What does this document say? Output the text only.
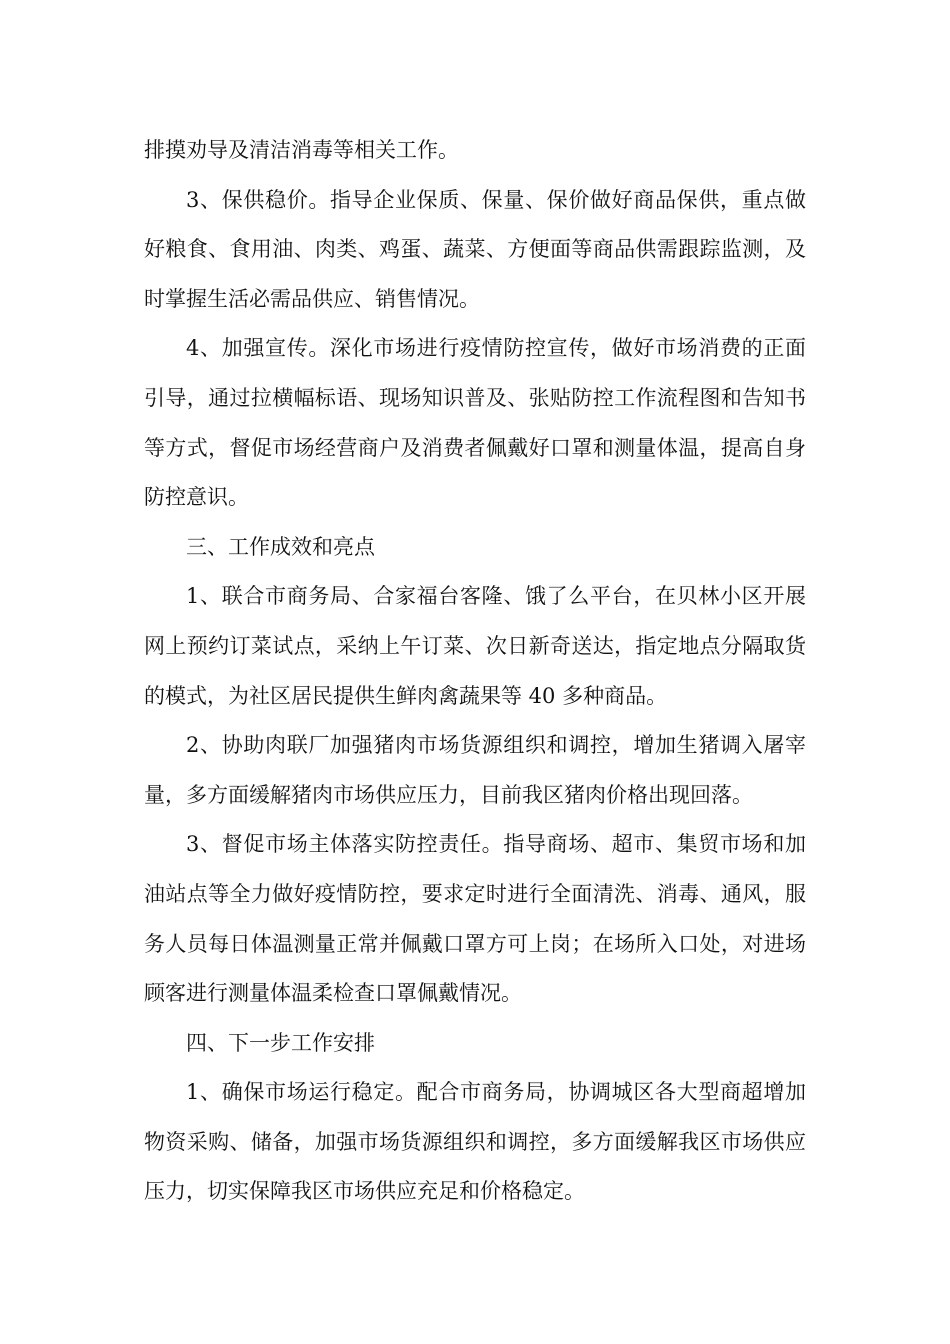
排摸劝导及清洁消毒等相关工作。

3、保供稳价。指导企业保质、保量、保价做好商品保供，重点做好粮食、食用油、肉类、鸡蛋、蔬菜、方便面等商品供需跟踪监测，及时掌握生活必需品供应、销售情况。

4、加强宣传。深化市场进行疫情防控宣传，做好市场消费的正面引导，通过拉横幅标语、现场知识普及、张贴防控工作流程图和告知书等方式，督促市场经营商户及消费者佩戴好口罩和测量体温，提高自身防控意识。

三、工作成效和亮点

1、联合市商务局、合家福台客隆、饿了么平台，在贝林小区开展网上预约订菜试点，采纳上午订菜、次日新奇送达，指定地点分隔取货的模式，为社区居民提供生鲜肉禽蔬果等 40 多种商品。

2、协助肉联厂加强猪肉市场货源组织和调控，增加生猪调入屠宰量，多方面缓解猪肉市场供应压力，目前我区猪肉价格出现回落。

3、督促市场主体落实防控责任。指导商场、超市、集贸市场和加油站点等全力做好疫情防控，要求定时进行全面清洗、消毒、通风，服务人员每日体温测量正常并佩戴口罩方可上岗；在场所入口处，对进场顾客进行测量体温柔检查口罩佩戴情况。

四、下一步工作安排

1、确保市场运行稳定。配合市商务局，协调城区各大型商超增加物资采购、储备，加强市场货源组织和调控，多方面缓解我区市场供应压力，切实保障我区市场供应充足和价格稳定。
